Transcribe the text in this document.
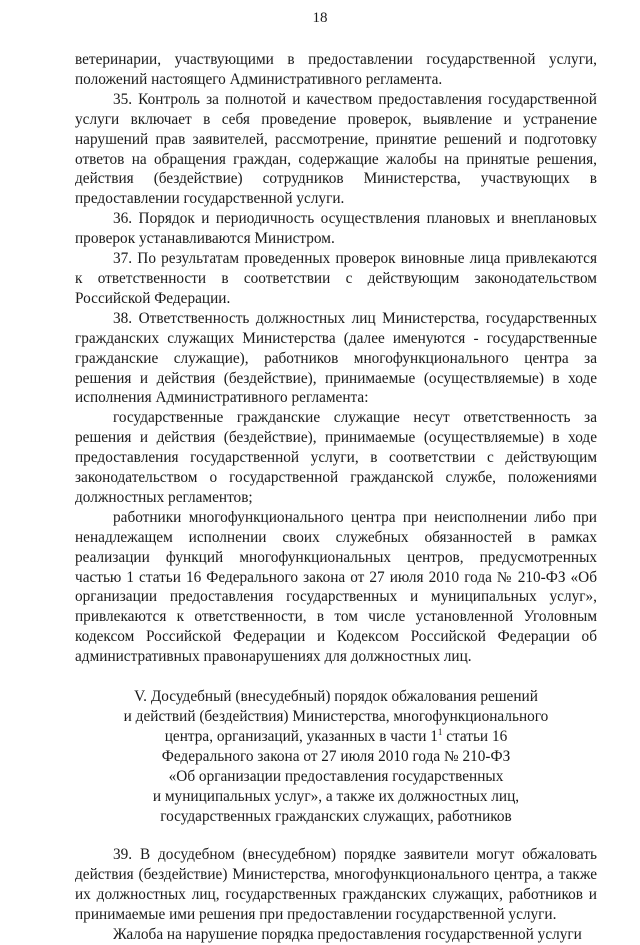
18

ветеринарии, участвующими в предоставлении государственной услуги, положений настоящего Административного регламента.

35. Контроль за полнотой и качеством предоставления государственной услуги включает в себя проведение проверок, выявление и устранение нарушений прав заявителей, рассмотрение, принятие решений и подготовку ответов на обращения граждан, содержащие жалобы на принятые решения, действия (бездействие) сотрудников Министерства, участвующих в предоставлении государственной услуги.

36. Порядок и периодичность осуществления плановых и внеплановых проверок устанавливаются Министром.

37. По результатам проведенных проверок виновные лица привлекаются к ответственности в соответствии с действующим законодательством Российской Федерации.

38. Ответственность должностных лиц Министерства, государственных гражданских служащих Министерства (далее именуются - государственные гражданские служащие), работников многофункционального центра за решения и действия (бездействие), принимаемые (осуществляемые) в ходе исполнения Административного регламента:

государственные гражданские служащие несут ответственность за решения и действия (бездействие), принимаемые (осуществляемые) в ходе предоставления государственной услуги, в соответствии с действующим законодательством о государственной гражданской службе, положениями должностных регламентов;

работники многофункционального центра при неисполнении либо при ненадлежащем исполнении своих служебных обязанностей в рамках реализации функций многофункциональных центров, предусмотренных частью 1 статьи 16 Федерального закона от 27 июля 2010 года № 210-ФЗ «Об организации предоставления государственных и муниципальных услуг», привлекаются к ответственности, в том числе установленной Уголовным кодексом Российской Федерации и Кодексом Российской Федерации об административных правонарушениях для должностных лиц.

V. Досудебный (внесудебный) порядок обжалования решений
и действий (бездействия) Министерства, многофункционального
центра, организаций, указанных в части $1^1$ статьи 16
Федерального закона от 27 июля 2010 года № 210-ФЗ
«Об организации предоставления государственных
и муниципальных услуг», а также их должностных лиц,
государственных гражданских служащих, работников

39. В досудебном (внесудебном) порядке заявители могут обжаловать действия (бездействие) Министерства, многофункционального центра, а также их должностных лиц, государственных гражданских служащих, работников и принимаемые ими решения при предоставлении государственной услуги.

Жалоба на нарушение порядка предоставления государственной услуги
